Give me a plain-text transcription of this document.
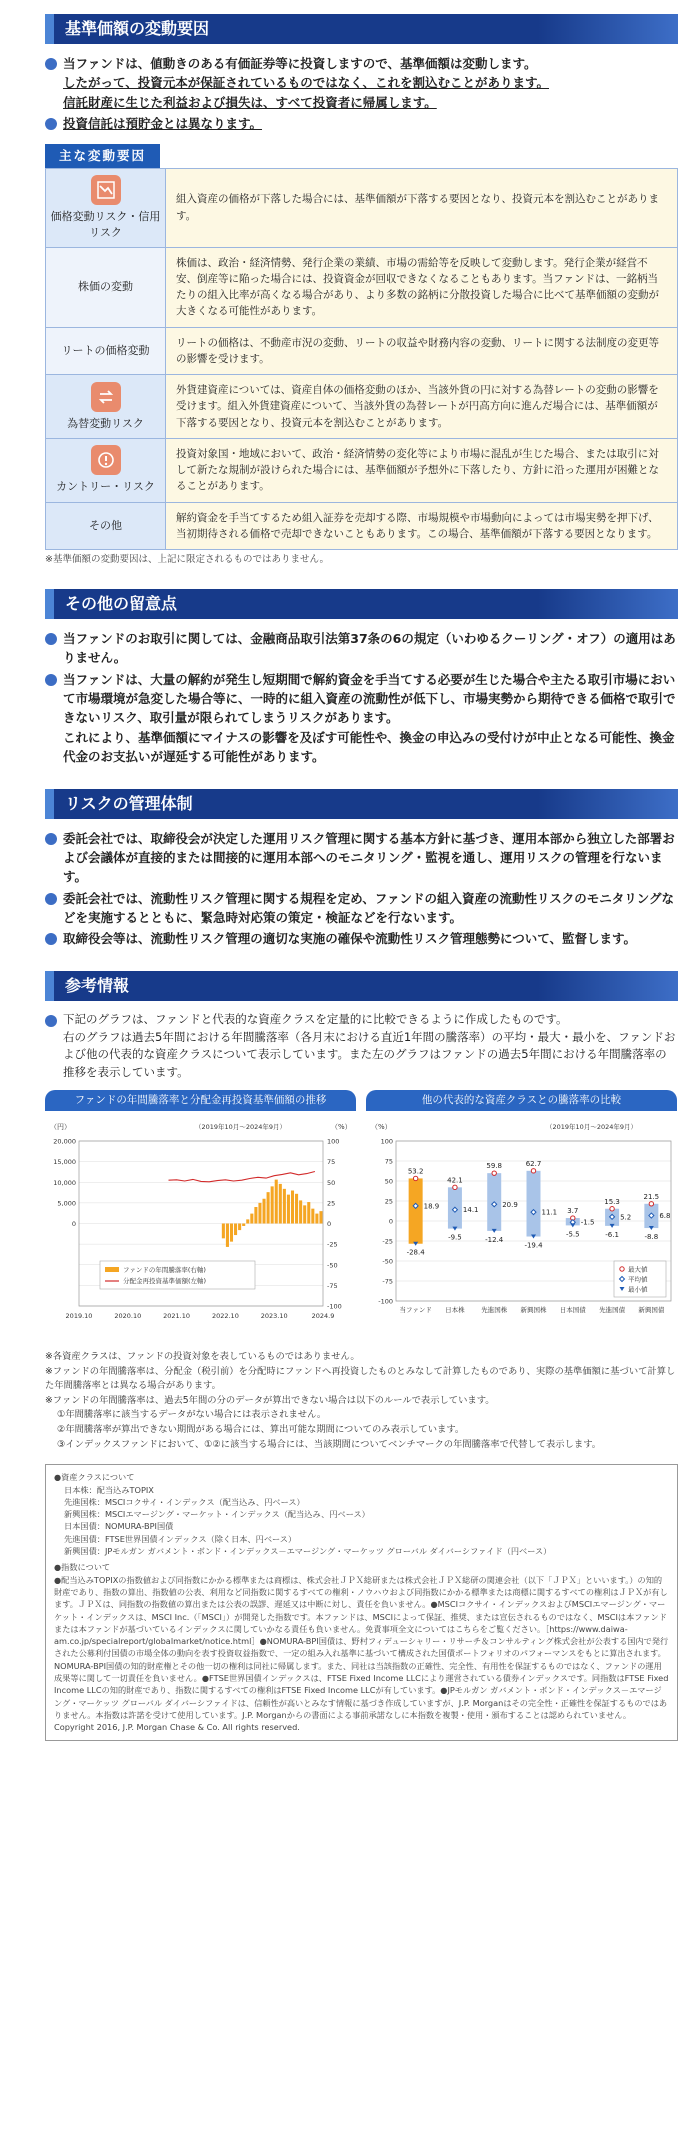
基準価額の変動要因
当ファンドは、値動きのある有価証券等に投資しますので、基準価額は変動します。
したがって、投資元本が保証されているものではなく、これを割込むことがあります。
信託財産に生じた利益および損失は、すべて投資者に帰属します。
投資信託は預貯金とは異なります。
主な変動要因
価格変動リスク・信用リスク	組入資産の価格が下落した場合には、基準価額が下落する要因となり、投資元本を割込むことがあります。
株価の変動	株価は、政治・経済情勢、発行企業の業績、市場の需給等を反映して変動します。発行企業が経営不安、倒産等に陥った場合には、投資資金が回収できなくなることもあります。当ファンドは、一銘柄当たりの組入比率が高くなる場合があり、より多数の銘柄に分散投資した場合に比べて基準価額の変動が大きくなる可能性があります。
リートの価格変動	リートの価格は、不動産市況の変動、リートの収益や財務内容の変動、リートに関する法制度の変更等の影響を受けます。

為替変動リスク	外貨建資産については、資産自体の価格変動のほか、当該外貨の円に対する為替レートの変動の影響を受けます。組入外貨建資産について、当該外貨の為替レートが円高方向に進んだ場合には、基準価額が下落する要因となり、投資元本を割込むことがあります。

カントリー・リスク	投資対象国・地域において、政治・経済情勢の変化等により市場に混乱が生じた場合、または取引に対して新たな規制が設けられた場合には、基準価額が予想外に下落したり、方針に沿った運用が困難となることがあります。
その他	解約資金を手当てするため組入証券を売却する際、市場規模や市場動向によっては市場実勢を押下げ、当初期待される価格で売却できないこともあります。この場合、基準価額が下落する要因となります。
※基準価額の変動要因は、上記に限定されるものではありません。
その他の留意点
当ファンドのお取引に関しては、金融商品取引法第37条の6の規定（いわゆるクーリング・オフ）の適用はありません。
当ファンドは、大量の解約が発生し短期間で解約資金を手当てする必要が生じた場合や主たる取引市場において市場環境が急変した場合等に、一時的に組入資産の流動性が低下し、市場実勢から期待できる価格で取引できないリスク、取引量が限られてしまうリスクがあります。
これにより、基準価額にマイナスの影響を及ぼす可能性や、換金の申込みの受付けが中止となる可能性、換金代金のお支払いが遅延する可能性があります。
リスクの管理体制
委託会社では、取締役会が決定した運用リスク管理に関する基本方針に基づき、運用本部から独立した部署および会議体が直接的または間接的に運用本部へのモニタリング・監視を通し、運用リスクの管理を行ないます。
委託会社では、流動性リスク管理に関する規程を定め、ファンドの組入資産の流動性リスクのモニタリングなどを実施するとともに、緊急時対応策の策定・検証などを行ないます。
取締役会等は、流動性リスク管理の適切な実施の確保や流動性リスク管理態勢について、監督します。
参考情報
下記のグラフは、ファンドと代表的な資産クラスを定量的に比較できるように作成したものです。
右のグラフは過去5年間における年間騰落率（各月末における直近1年間の騰落率）の平均・最大・最小を、ファンドおよび他の代表的な資産クラスについて表示しています。また左のグラフはファンドの過去5年間における年間騰落率の推移を表示しています。
ファンドの年間騰落率と分配金再投資基準価額の推移
（円）	（%）
（2019年10月〜2024年9月）
100
75
50
25
0
-25
-50
-75
-100
20,000
15,000
10,000
5,000
0
2019.10	2020.10	2021.10	2022.10	2023.10	2024.9
ファンドの年間騰落率(右軸)
分配金再投資基準価額(左軸)
他の代表的な資産クラスとの騰落率の比較
（%）	（2019年10月〜2024年9月）
100
75
50
25
0
-25
-50
-75
-100
53.2
18.9
-28.4
当ファンド
42.1
14.1
-9.5
日本株
59.8
20.9
-12.4
先進国株
62.7
11.1
-19.4
新興国株
3.7
-1.5
-5.5
日本国債
15.3
5.2
-6.1
先進国債
21.5
6.8
-8.8
新興国債
最大値
平均値
最小値

※各資産クラスは、ファンドの投資対象を表しているものではありません。

※ファンドの年間騰落率は、分配金（税引前）を分配時にファンドへ再投資したものとみなして計算したものであり、実際の基準価額に基づいて計算した年間騰落率とは異なる場合があります。

※ファンドの年間騰落率は、過去5年間の分のデータが算出できない場合は以下のルールで表示しています。

①年間騰落率に該当するデータがない場合には表示されません。

②年間騰落率が算出できない期間がある場合には、算出可能な期間についてのみ表示しています。

③インデックスファンドにおいて、①②に該当する場合には、当該期間についてベンチマークの年間騰落率で代替して表示します。

●資産クラスについて
日本株：配当込みTOPIX
先進国株：MSCIコクサイ・インデックス（配当込み、円ベース）
新興国株：MSCIエマージング・マーケット・インデックス（配当込み、円ベース）
日本国債：NOMURA-BPI国債
先進国債：FTSE世界国債インデックス（除く日本、円ベース）
新興国債：JPモルガン ガバメント・ボンド・インデックス－エマージング・マーケッツ グローバル ダイバーシファイド（円ベース）
●指数について
●配当込みTOPIXの指数値および同指数にかかる標準または商標は、株式会社ＪＰＸ総研または株式会社ＪＰＸ総研の関連会社（以下「ＪＰＸ」といいます。）の知的財産であり、指数の算出、指数値の公表、利用など同指数に関するすべての権利・ノウハウおよび同指数にかかる標準または商標に関するすべての権利はＪＰＸが有します。ＪＰＸは、同指数の指数値の算出または公表の誤謬、遅延又は中断に対し、責任を負いません。●MSCIコクサイ・インデックスおよびMSCIエマージング・マーケット・インデックスは、MSCI Inc.（「MSCI」）が開発した指数です。本ファンドは、MSCIによって保証、推奨、または宣伝されるものではなく、MSCIは本ファンドまたは本ファンドが基づいているインデックスに関していかなる責任も負いません。免責事項全文についてはこちらをご覧ください。［https://www.daiwa-am.co.jp/specialreport/globalmarket/notice.html］●NOMURA-BPI国債は、野村フィデューシャリー・リサーチ＆コンサルティング株式会社が公表する国内で発行された公募利付国債の市場全体の動向を表す投資収益指数で、一定の組み入れ基準に基づいて構成された国債ポートフォリオのパフォーマンスをもとに算出されます。NOMURA-BPI国債の知的財産権とその他一切の権利は同社に帰属します。また、同社は当該指数の正確性、完全性、有用性を保証するものではなく、ファンドの運用成果等に関して一切責任を負いません。●FTSE世界国債インデックスは、FTSE Fixed Income LLCにより運営されている債券インデックスです。同指数はFTSE Fixed Income LLCの知的財産であり、指数に関するすべての権利はFTSE Fixed Income LLCが有しています。●JPモルガン ガバメント・ボンド・インデックス－エマージング・マーケッツ グローバル ダイバーシファイドは、信頼性が高いとみなす情報に基づき作成していますが、J.P. Morganはその完全性・正確性を保証するものではありません。本指数は許諾を受けて使用しています。J.P. Morganからの書面による事前承諾なしに本指数を複製・使用・頒布することは認められていません。Copyright 2016, J.P. Morgan Chase & Co. All rights reserved.
